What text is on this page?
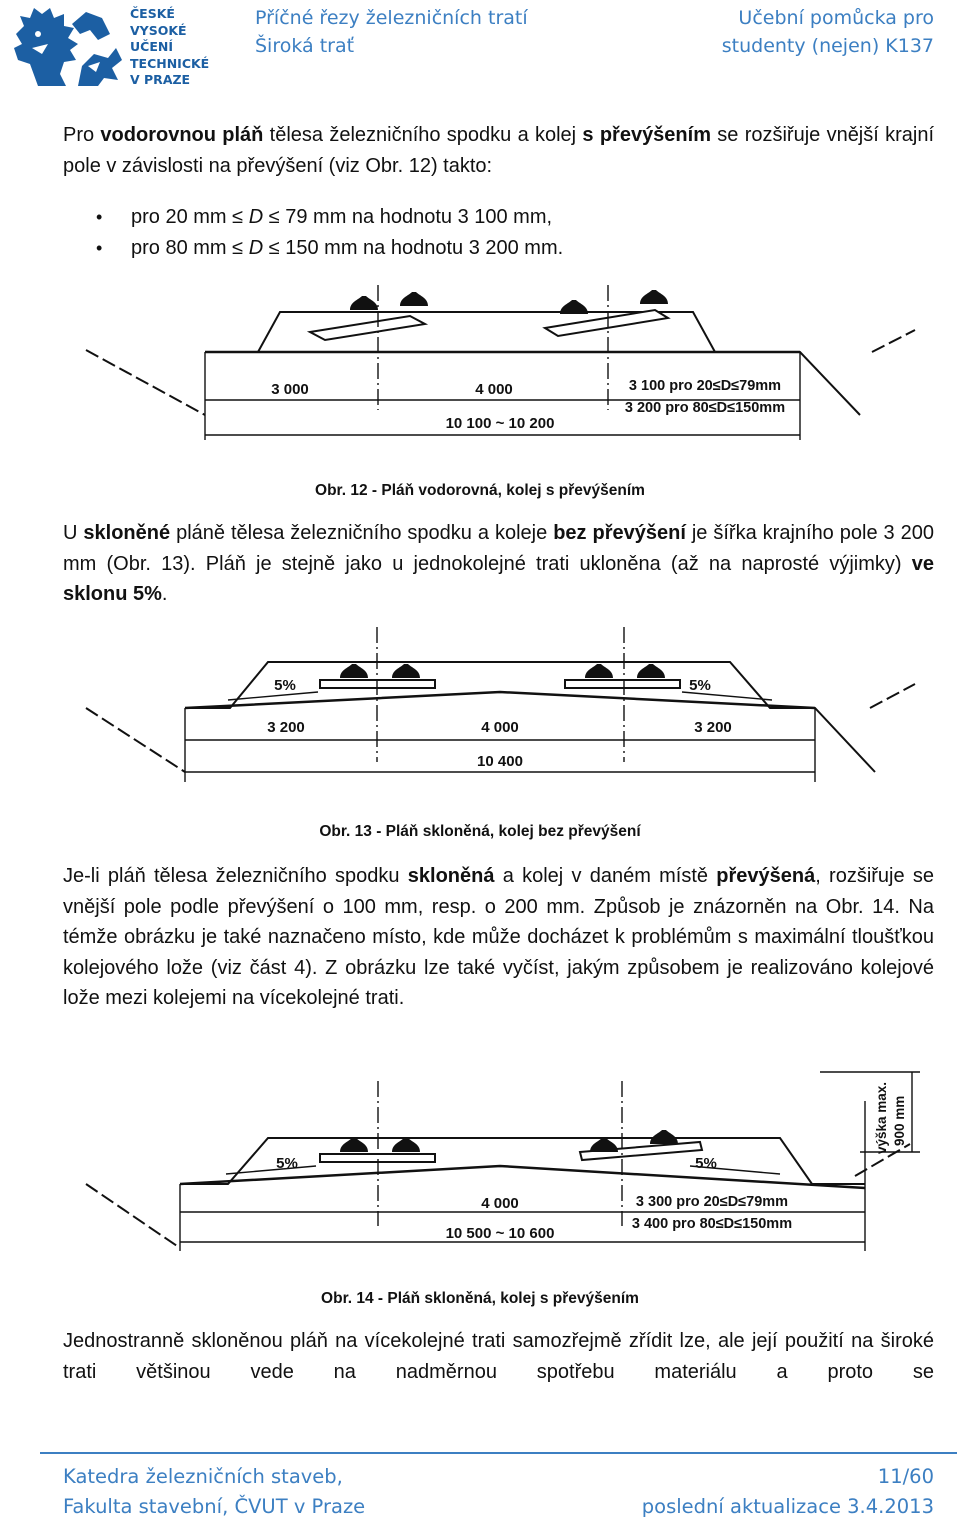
ČESKÉ
VYSOKÉ
UČENÍ
TECHNICKÉ
V PRAZE
Příčné řezy železničních tratí
Široká trať
Učební pomůcka pro
studenty (nejen) K137
Pro vodorovnou pláň tělesa železničního spodku a kolej s převýšením se rozšiřuje vnější krajní pole v závislosti na převýšení (viz Obr. 12) takto:
• pro 20 mm ≤ D ≤ 79 mm na hodnotu 3 100 mm,
• pro 80 mm ≤ D ≤ 150 mm na hodnotu 3 200 mm.
3 000	4 000	3 100 pro 20≤D≤79mm
3 200 pro 80≤D≤150mm
10 100 ~ 10 200
Obr. 12 - Pláň vodorovná, kolej s převýšením
U skloněné pláně tělesa železničního spodku a koleje bez převýšení je šířka krajního pole 3 200 mm (Obr. 13). Pláň je stejně jako u jednokolejné trati ukloněna (až na naprosté výjimky) ve sklonu 5%.
5%	5%
3 200	4 000	3 200
10 400
Obr. 13 - Pláň skloněná, kolej bez převýšení
Je-li pláň tělesa železničního spodku skloněná a kolej v daném místě převýšená, rozšiřuje se vnější pole podle převýšení o 100 mm, resp. o 200 mm. Způsob je znázorněn na Obr. 14. Na témže obrázku je také naznačeno místo, kde může docházet k problémům s maximální tloušťkou kolejového lože (viz část 4). Z obrázku lze také vyčíst, jakým způsobem je realizováno kolejové lože mezi kolejemi na vícekolejné trati.
5%	5%
4 000	3 300 pro 20≤D≤79mm
3 400 pro 80≤D≤150mm
10 500 ~ 10 600
výška max. 900 mm
Obr. 14 - Pláň skloněná, kolej s převýšením
Jednostranně skloněnou pláň na vícekolejné trati samozřejmě zřídit lze, ale její použití na široké trati většinou vede na nadměrnou spotřebu materiálu a proto se
Katedra železničních staveb,
Fakulta stavební, ČVUT v Praze
11/60
poslední aktualizace 3.4.2013
